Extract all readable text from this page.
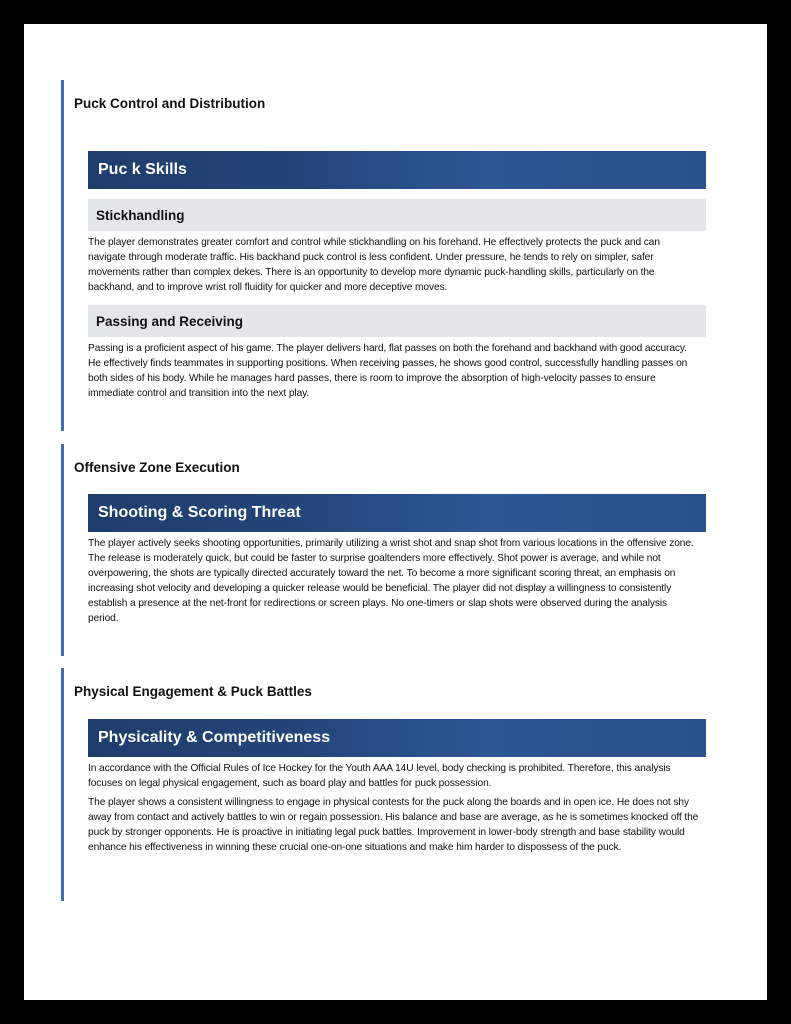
Puck Control and Distribution
Puc k Skills
Stickhandling

The player demonstrates greater comfort and control while stickhandling on his forehand. He effectively protects the puck and can navigate through moderate traffic. His backhand puck control is less confident. Under pressure, he tends to rely on simpler, safer movements rather than complex dekes. There is an opportunity to develop more dynamic puck-handling skills, particularly on the backhand, and to improve wrist roll fluidity for quicker and more deceptive moves.

Passing and Receiving

Passing is a proficient aspect of his game. The player delivers hard, flat passes on both the forehand and backhand with good accuracy. He effectively finds teammates in supporting positions. When receiving passes, he shows good control, successfully handling passes on both sides of his body. While he manages hard passes, there is room to improve the absorption of high-velocity passes to ensure immediate control and transition into the next play.

Offensive Zone Execution
Shooting & Scoring Threat

The player actively seeks shooting opportunities, primarily utilizing a wrist shot and snap shot from various locations in the offensive zone. The release is moderately quick, but could be faster to surprise goaltenders more effectively. Shot power is average, and while not overpowering, the shots are typically directed accurately toward the net. To become a more significant scoring threat, an emphasis on increasing shot velocity and developing a quicker release would be beneficial. The player did not display a willingness to consistently establish a presence at the net-front for redirections or screen plays. No one-timers or slap shots were observed during the analysis period.

Physical Engagement & Puck Battles
Physicality & Competitiveness

In accordance with the Official Rules of Ice Hockey for the Youth AAA 14U level, body checking is prohibited. Therefore, this analysis focuses on legal physical engagement, such as board play and battles for puck possession.

The player shows a consistent willingness to engage in physical contests for the puck along the boards and in open ice. He does not shy away from contact and actively battles to win or regain possession. His balance and base are average, as he is sometimes knocked off the puck by stronger opponents. He is proactive in initiating legal puck battles. Improvement in lower-body strength and base stability would enhance his effectiveness in winning these crucial one-on-one situations and make him harder to dispossess of the puck.
